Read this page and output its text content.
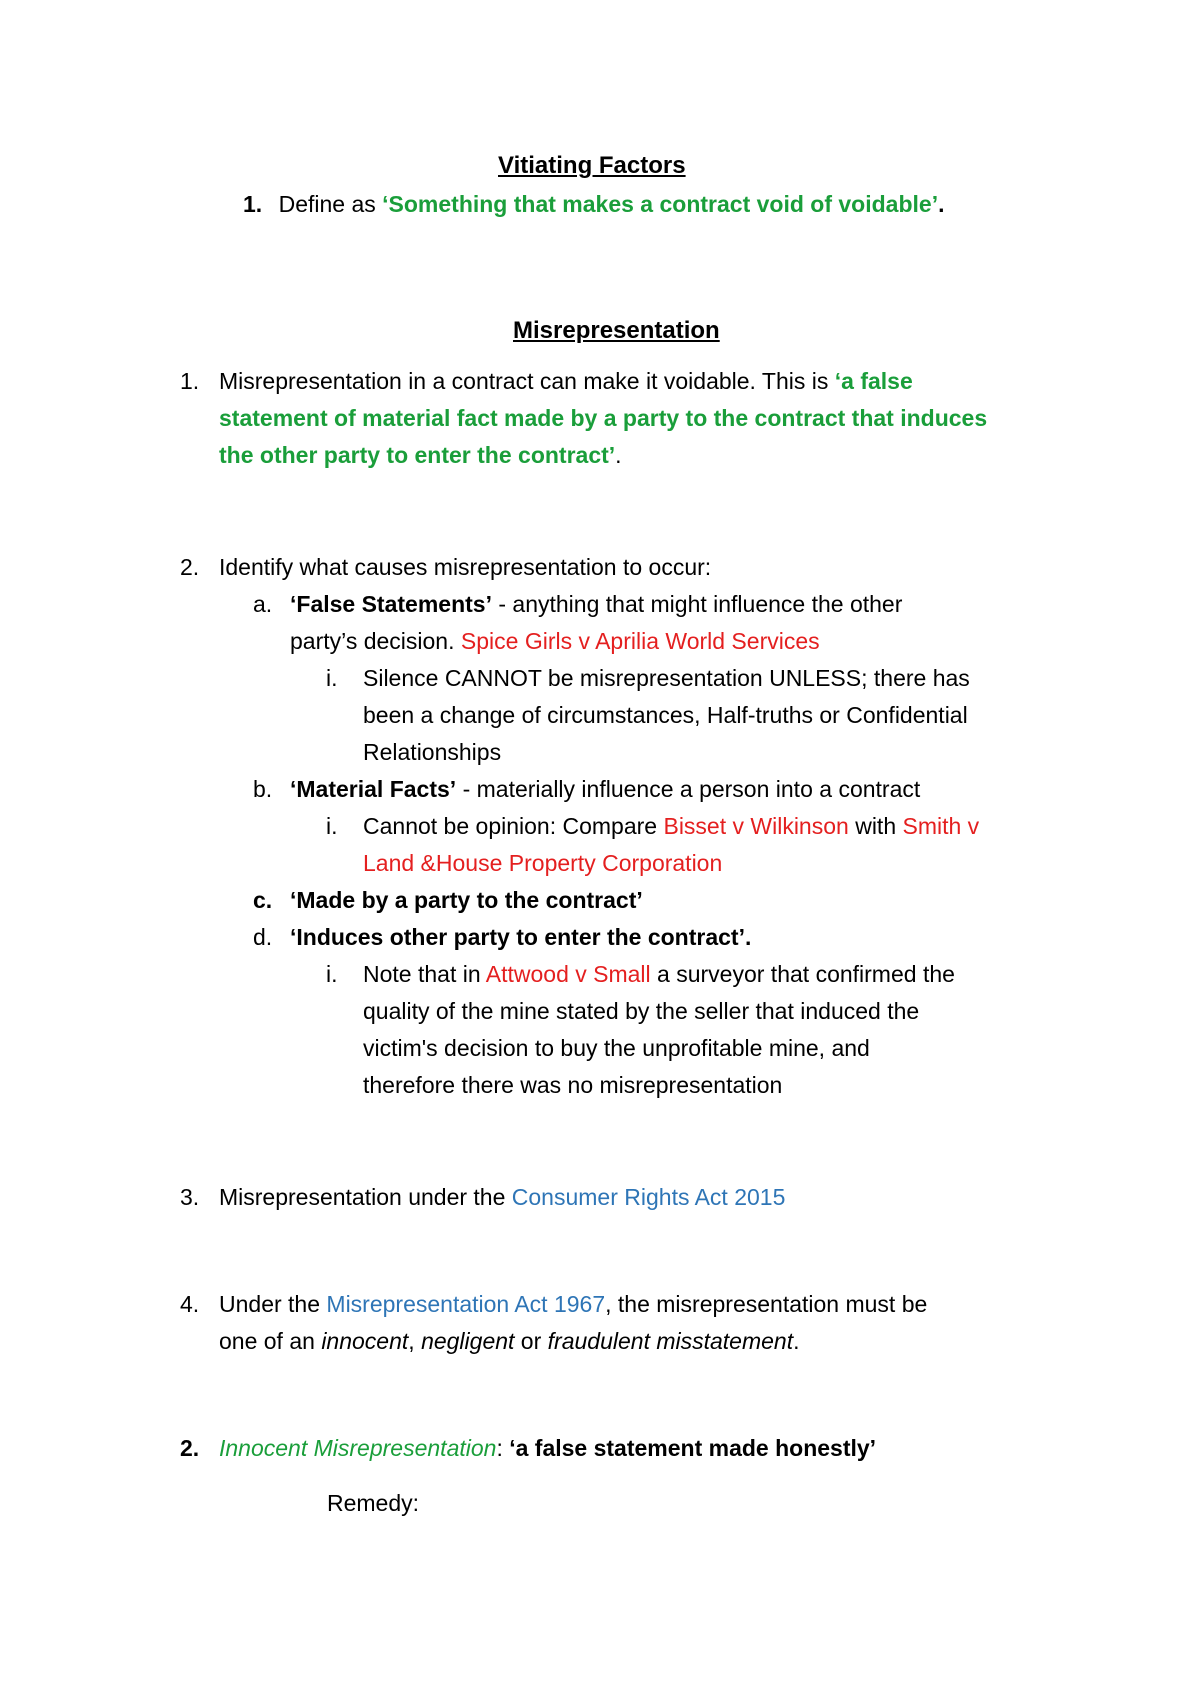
Vitiating Factors
1. Define as ‘Something that makes a contract void of voidable’.
Misrepresentation
1. Misrepresentation in a contract can make it voidable. This is ‘a false
statement of material fact made by a party to the contract that induces
the other party to enter the contract’.
2. Identify what causes misrepresentation to occur:
a. ‘False Statements’ - anything that might influence the other
party’s decision. Spice Girls v Aprilia World Services
i. Silence CANNOT be misrepresentation UNLESS; there has
been a change of circumstances, Half-truths or Confidential
Relationships
b. ‘Material Facts’ - materially influence a person into a contract
i. Cannot be opinion: Compare Bisset v Wilkinson with Smith v
Land &House Property Corporation
c. ‘Made by a party to the contract’
d. ‘Induces other party to enter the contract’.
i. Note that in Attwood v Small a surveyor that confirmed the
quality of the mine stated by the seller that induced the
victim's decision to buy the unprofitable mine, and
therefore there was no misrepresentation
3. Misrepresentation under the Consumer Rights Act 2015
4. Under the Misrepresentation Act 1967, the misrepresentation must be
one of an innocent, negligent or fraudulent misstatement.
2. Innocent Misrepresentation: ‘a false statement made honestly’
Remedy:
